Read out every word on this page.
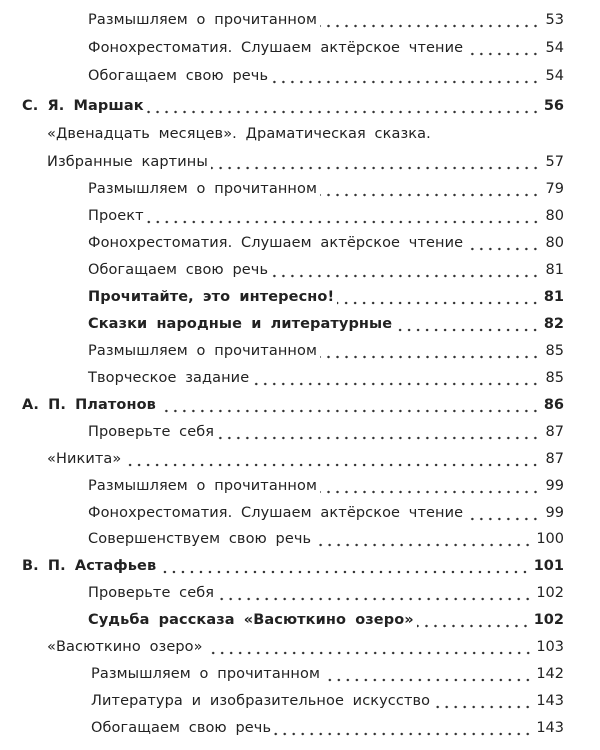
Размышляем о прочитанном	53
Фонохрестоматия. Слушаем актёрское чтение	54
Обогащаем свою речь	54
С. Я. Маршак	56
«Двенадцать месяцев». Драматическая сказка.
Избранные картины	57
Размышляем о прочитанном	79
Проект	80
Фонохрестоматия. Слушаем актёрское чтение	80
Обогащаем свою речь	81
Прочитайте, это интересно!	81
Сказки народные и литературные	82
Размышляем о прочитанном	85
Творческое задание	85
А. П. Платонов	86
Проверьте себя	87
«Никита»	87
Размышляем о прочитанном	99
Фонохрестоматия. Слушаем актёрское чтение	99
Совершенствуем свою речь	100
В. П. Астафьев	101
Проверьте себя	102
Судьба рассказа «Васюткино озеро»	102
«Васюткино озеро»	103
Размышляем о прочитанном	142
Литература и изобразительное искусство	143
Обогащаем свою речь	143
